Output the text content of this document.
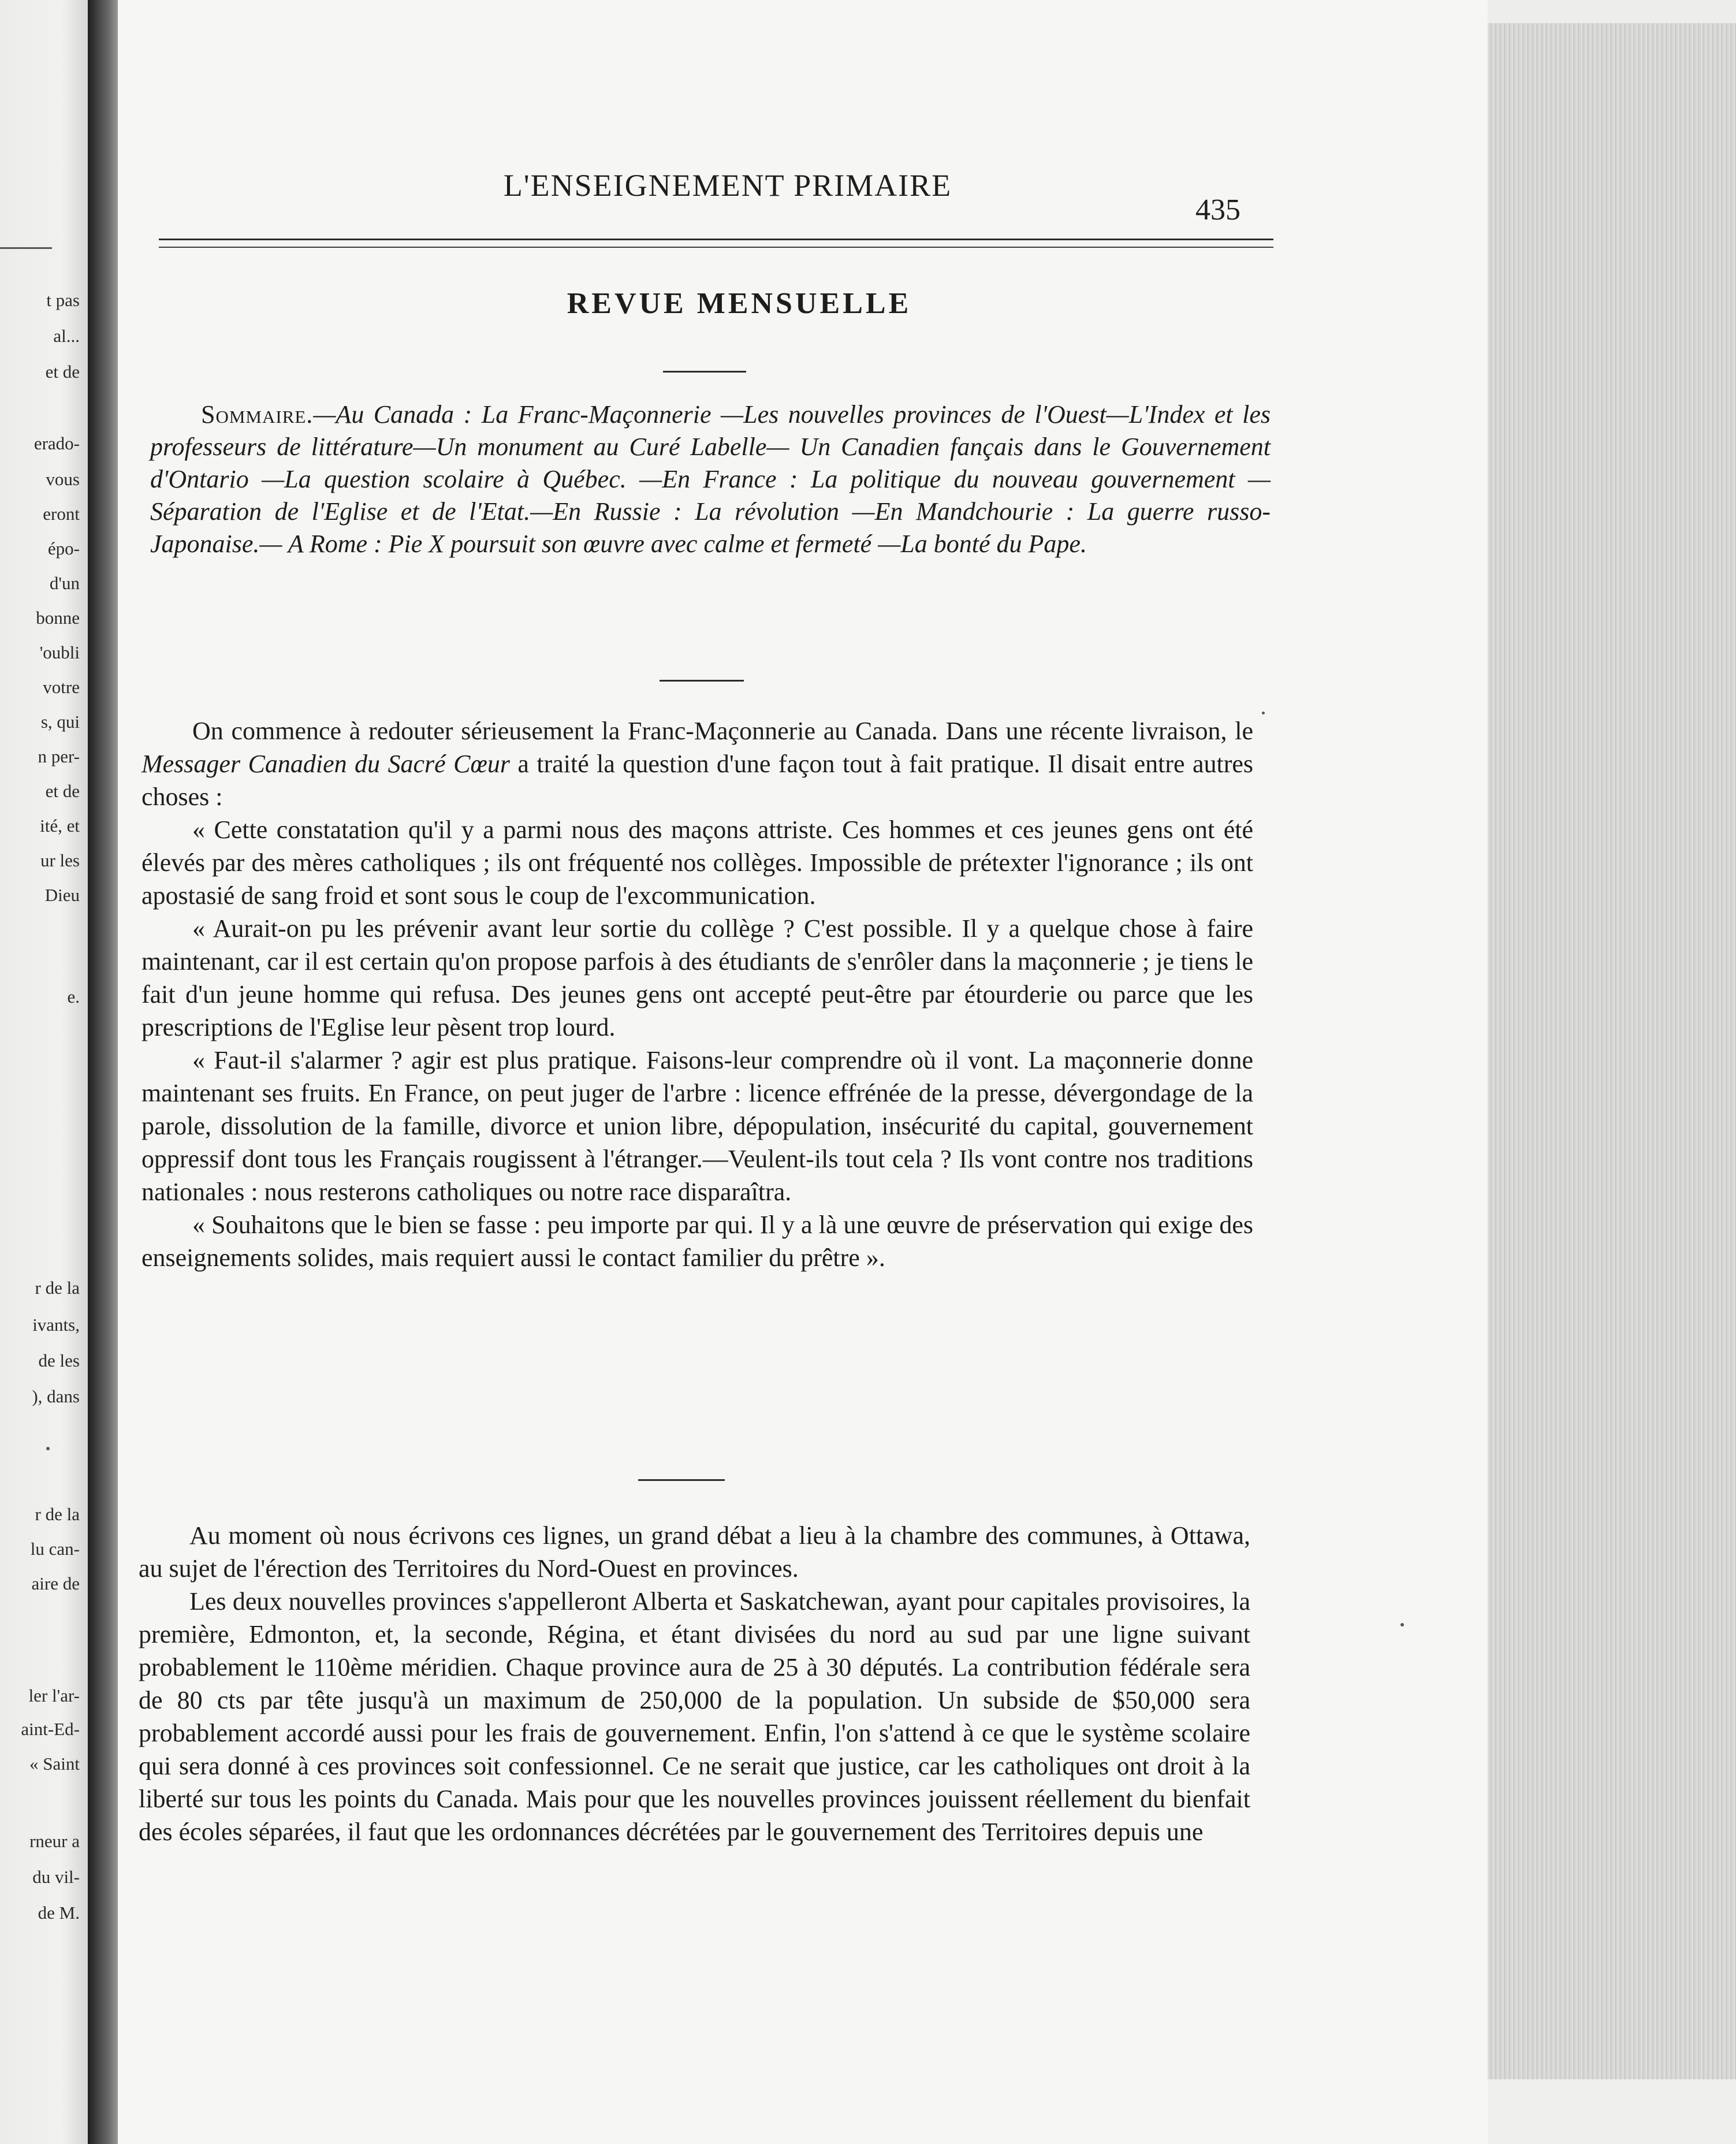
t pas
al...
et de
erado-
vous
eront
épo-
d'un
bonne
'oubli
votre
s, qui
n per-
et de
ité, et
ur les
Dieu
e.
r de la
ivants,
de les
), dans
r de la
lu can-
aire de
ler l'ar-
aint-Ed-
« Saint
rneur a
du vil-
de M.
L'ENSEIGNEMENT PRIMAIRE
435
REVUE MENSUELLE

Sommaire.—Au Canada : La Franc-Maçonnerie —Les nouvelles provinces de l'Ouest—L'Index et les professeurs de littérature—Un monument au Curé Labelle— Un Canadien fançais dans le Gouvernement d'Ontario —La question scolaire à Québec. —En France : La politique du nouveau gouvernement —Séparation de l'Eglise et de l'Etat.—En Russie : La révolution —En Mandchourie : La guerre russo-Japonaise.— A Rome : Pie X poursuit son œuvre avec calme et fermeté —La bonté du Pape.

On commence à redouter sérieusement la Franc-Maçonnerie au Canada. Dans une récente livraison, le Messager Canadien du Sacré Cœur a traité la question d'une façon tout à fait pratique. Il disait entre autres choses :

« Cette constatation qu'il y a parmi nous des maçons attriste. Ces hommes et ces jeunes gens ont été élevés par des mères catholiques ; ils ont fréquenté nos collèges. Impossible de prétexter l'ignorance ; ils ont apostasié de sang froid et sont sous le coup de l'excommunication.

« Aurait-on pu les prévenir avant leur sortie du collège ? C'est possible. Il y a quelque chose à faire maintenant, car il est certain qu'on propose parfois à des étudiants de s'enrôler dans la maçonnerie ; je tiens le fait d'un jeune homme qui refusa. Des jeunes gens ont accepté peut-être par étourderie ou parce que les prescriptions de l'Eglise leur pèsent trop lourd.

« Faut-il s'alarmer ? agir est plus pratique. Faisons-leur comprendre où il vont. La maçonnerie donne maintenant ses fruits. En France, on peut juger de l'arbre : licence effrénée de la presse, dévergondage de la parole, dissolution de la famille, divorce et union libre, dépopulation, insécurité du capital, gouvernement oppressif dont tous les Français rougissent à l'étranger.—Veulent-ils tout cela ? Ils vont contre nos traditions nationales : nous resterons catholiques ou notre race disparaîtra.

« Souhaitons que le bien se fasse : peu importe par qui. Il y a là une œuvre de préservation qui exige des enseignements solides, mais requiert aussi le contact familier du prêtre ».

Au moment où nous écrivons ces lignes, un grand débat a lieu à la chambre des communes, à Ottawa, au sujet de l'érection des Territoires du Nord-Ouest en provinces.

Les deux nouvelles provinces s'appelleront Alberta et Saskatchewan, ayant pour capitales provisoires, la première, Edmonton, et, la seconde, Régina, et étant divisées du nord au sud par une ligne suivant probablement le 110ème méridien. Chaque province aura de 25 à 30 députés. La contribution fédérale sera de 80 cts par tête jusqu'à un maximum de 250,000 de la population. Un subside de $50,000 sera probablement accordé aussi pour les frais de gouvernement. Enfin, l'on s'attend à ce que le système scolaire qui sera donné à ces provinces soit confessionnel. Ce ne serait que justice, car les catholiques ont droit à la liberté sur tous les points du Canada. Mais pour que les nouvelles provinces jouissent réellement du bienfait des écoles séparées, il faut que les ordonnances décrétées par le gouvernement des Territoires depuis une
